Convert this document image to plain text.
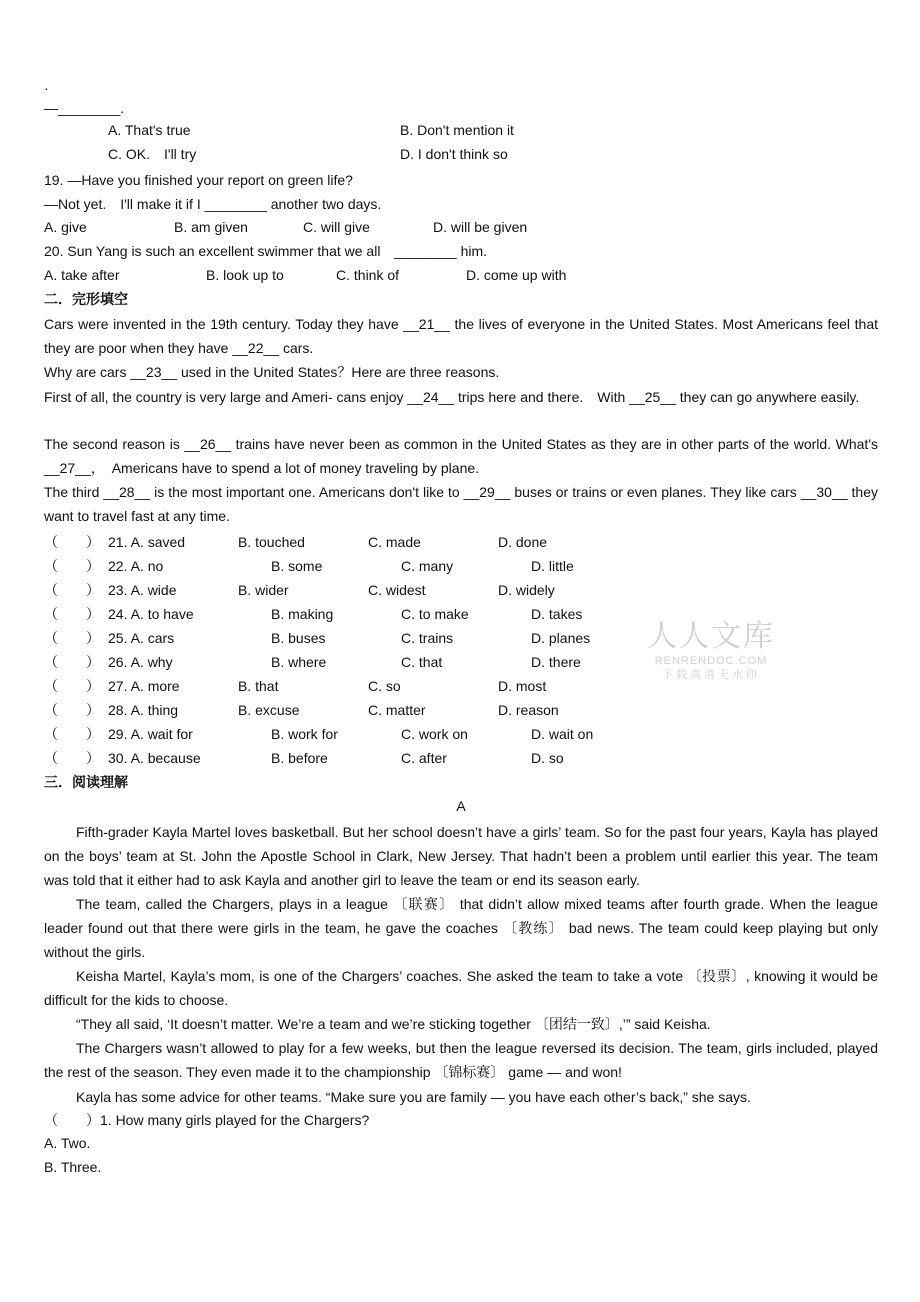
·
—________.
A. That's true	B. Don't mention it
C. OK.　I'll try	D. I don't think so
19. —Have you finished your report on green life?
—Not yet.　I'll make it if I ________ another two days.
A. give	B. am given	C. will give	D. will be given
20. Sun Yang is such an excellent swimmer that we all　________ him.
A. take after	B. look up to	C. think of	D. come up with
二．完形填空
Cars were invented in the 19th century. Today they have __21__ the lives of everyone in the United States. Most Americans feel that they are poor when they have __22__ cars.
Why are cars __23__ used in the United States？Here are three reasons.
First of all, the country is very large and Ameri- cans enjoy __24__ trips here and there.　With __25__ they can go anywhere easily.
The second reason is __26__ trains have never been as common in the United States as they are in other parts of the world. What's __27__，　Americans have to spend a lot of money traveling by plane.
The third __28__ is the most important one. Americans don't like to __29__ buses or trains or even planes. They like cars __30__ they want to travel fast at any time.
（　　） 21. A. saved	B. touched	C. made	D. done
（　　） 22. A. no	B. some	C. many	D. little
（　　） 23. A. wide	B. wider	C. widest	D. widely
（　　） 24. A. to have	B. making	C. to make	D. takes
（　　） 25. A. cars	B. buses	C. trains	D. planes
（　　） 26. A. why	B. where	C. that	D. there
（　　） 27. A. more	B. that	C. so	D. most
（　　） 28. A. thing	B. excuse	C. matter	D. reason
（　　） 29. A. wait for	B. work for	C. work on	D. wait on
（　　） 30. A. because	B. before	C. after	D. so
人人文库
RENRENDOC.COM
下载高清无水印
三．阅读理解
A
Fifth-grader Kayla Martel loves basketball. But her school doesn’t have a girls’ team. So for the past four years, Kayla has played on the boys’ team at St. John the Apostle School in Clark, New Jersey. That hadn’t been a problem until earlier this year. The team was told that it either had to ask Kayla and another girl to leave the team or end its season early.
The team, called the Chargers, plays in a league 〔联赛〕 that didn’t allow mixed teams after fourth grade. When the league leader found out that there were girls in the team, he gave the coaches 〔教练〕 bad news. The team could keep playing but only without the girls.
Keisha Martel, Kayla’s mom, is one of the Chargers’ coaches. She asked the team to take a vote 〔投票〕, knowing it would be difficult for the kids to choose.
“They all said, ‘It doesn’t matter. We’re a team and we’re sticking together 〔团结一致〕,’” said Keisha.
The Chargers wasn’t allowed to play for a few weeks, but then the league reversed its decision. The team, girls included, played the rest of the season. They even made it to the championship 〔锦标赛〕 game — and won!
Kayla has some advice for other teams. “Make sure you are family — you have each other’s back,” she says.
（　　）1. How many girls played for the Chargers?
A. Two.
B. Three.
